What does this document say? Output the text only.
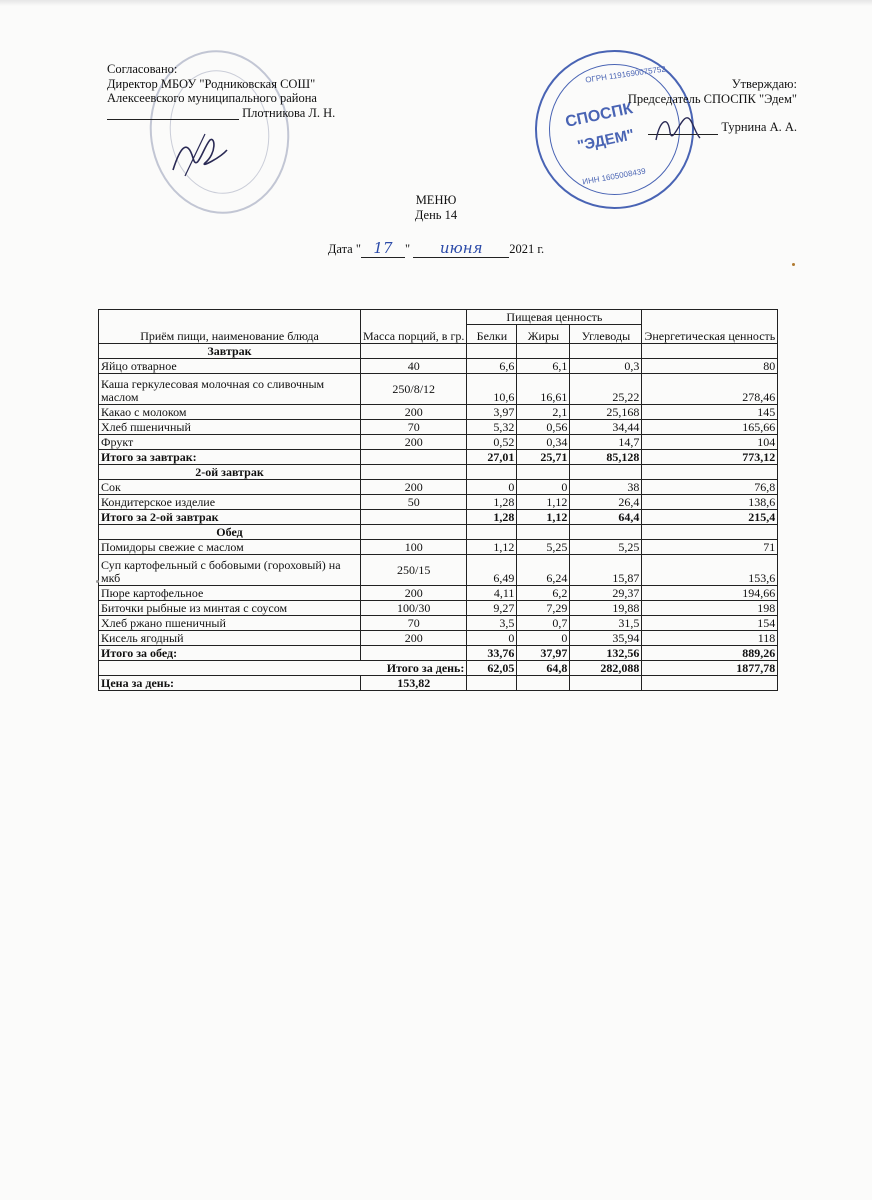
Согласовано:
Директор МБОУ "Родниковская СОШ"
Алексеевского муниципального района
Плотникова Л. Н.
ОГРН 1191690075752
СПОСПК
"ЭДЕМ"
ИНН 1605008439
Утверждаю:
Председатель СПОСПК "Эдем"
Турнина А. А.
МЕНЮ
День 14
Дата " 17 " июня 2021 г.
Приём пищи, наименование блюда	Масса порций, в гр.	Пищевая ценность			Энергетическая ценность
		Белки	Жиры	Углеводы	
Завтрак					
Яйцо отварное	40	6,6	6,1	0,3	80
Каша геркулесовая молочная со сливочным маслом	250/8/12	10,6	16,61	25,22	278,46
Какао с молоком	200	3,97	2,1	25,168	145
Хлеб пшеничный	70	5,32	0,56	34,44	165,66
Фрукт	200	0,52	0,34	14,7	104
Итого за завтрак:		27,01	25,71	85,128	773,12
2-ой завтрак					
Сок	200	0	0	38	76,8
Кондитерское изделие	50	1,28	1,12	26,4	138,6
Итого за 2-ой завтрак		1,28	1,12	64,4	215,4
Обед					
Помидоры свежие с маслом	100	1,12	5,25	5,25	71
Суп картофельный с бобовыми (гороховый) на мкб	250/15	6,49	6,24	15,87	153,6
Пюре картофельное	200	4,11	6,2	29,37	194,66
Биточки рыбные из минтая с соусом	100/30	9,27	7,29	19,88	198
Хлеб ржано пшеничный	70	3,5	0,7	31,5	154
Кисель ягодный	200	0	0	35,94	118
Итого за обед:		33,76	37,97	132,56	889,26
Итого за день:		62,05	64,8	282,088	1877,78
Цена за день:	153,82				
